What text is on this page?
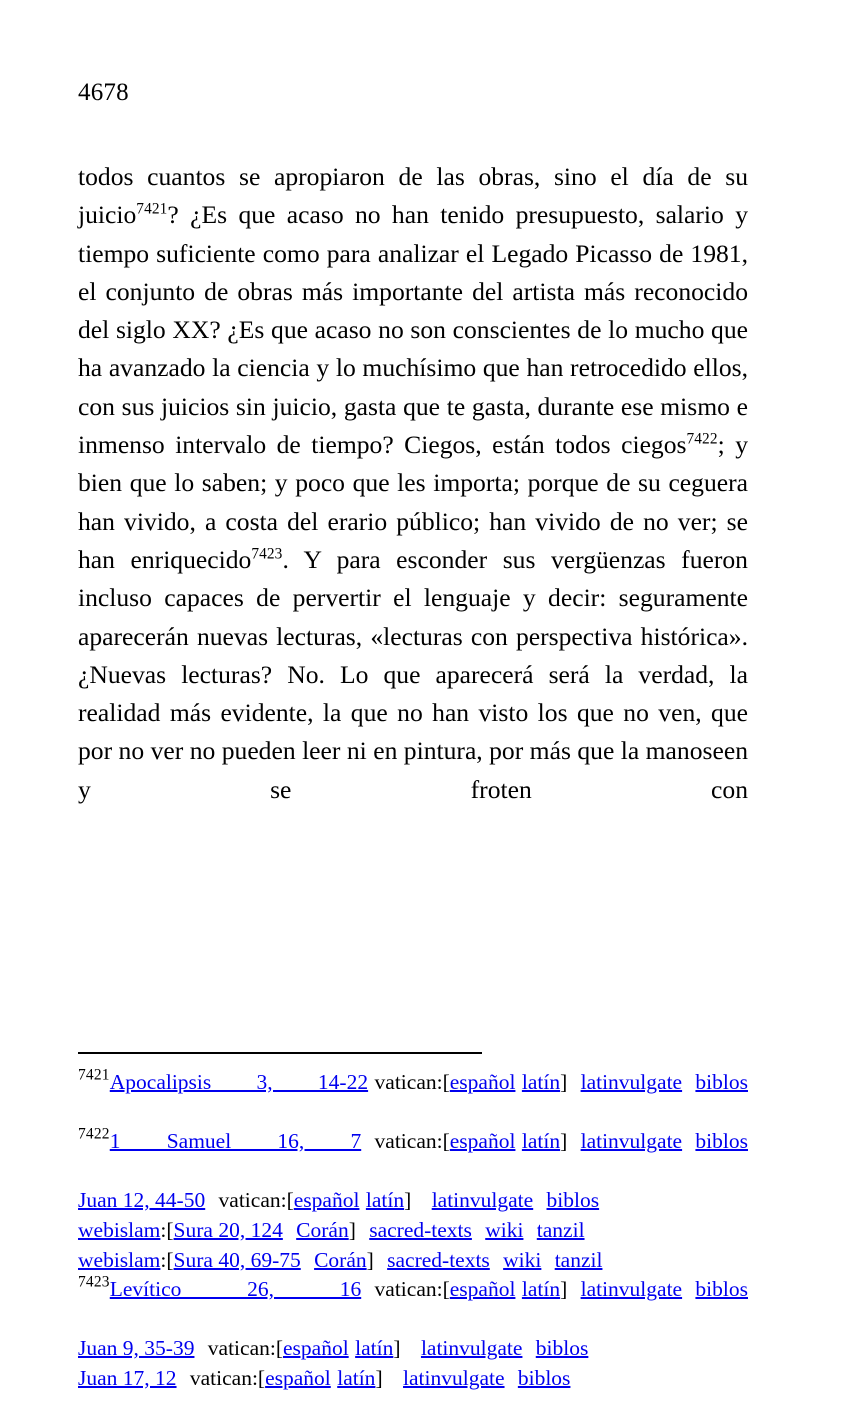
4678

todos cuantos se apropiaron de las obras, sino el día de su juicio$^{7421}$? ¿Es que acaso no han tenido presupuesto, salario y tiempo suficiente como para analizar el Legado Picasso de 1981, el conjunto de obras más importante del artista más reconocido del siglo XX? ¿Es que acaso no son conscientes de lo mucho que ha avanzado la ciencia y lo muchísimo que han retrocedido ellos, con sus juicios sin juicio, gasta que te gasta, durante ese mismo e inmenso intervalo de tiempo? Ciegos, están todos ciegos$^{7422}$; y bien que lo saben; y poco que les importa; porque de su ceguera han vivido, a costa del erario público; han vivido de no ver; se han enriquecido$^{7423}$. Y para esconder sus vergüenzas fueron incluso capaces de pervertir el lenguaje y decir: seguramente aparecerán nuevas lecturas, «lecturas con perspectiva histórica». ¿Nuevas lecturas? No. Lo que aparecerá será la verdad, la realidad más evidente, la que no han visto los que no ven, que por no ver no pueden leer ni en pintura, por más que la manoseen y se froten con

$^{7421}$Apocalipsis 3, 14-22 vatican:[español latín] latinvulgate biblos
$^{7422}$1 Samuel 16, 7 vatican:[español latín] latinvulgate biblos
Juan 12, 44-50 vatican:[español latín] latinvulgate biblos
webislam:[Sura 20, 124 Corán] sacred-texts wiki tanzil
webislam:[Sura 40, 69-75 Corán] sacred-texts wiki tanzil
$^{7423}$Levítico 26, 16 vatican:[español latín] latinvulgate biblos
Juan 9, 35-39 vatican:[español latín] latinvulgate biblos
Juan 17, 12 vatican:[español latín] latinvulgate biblos
